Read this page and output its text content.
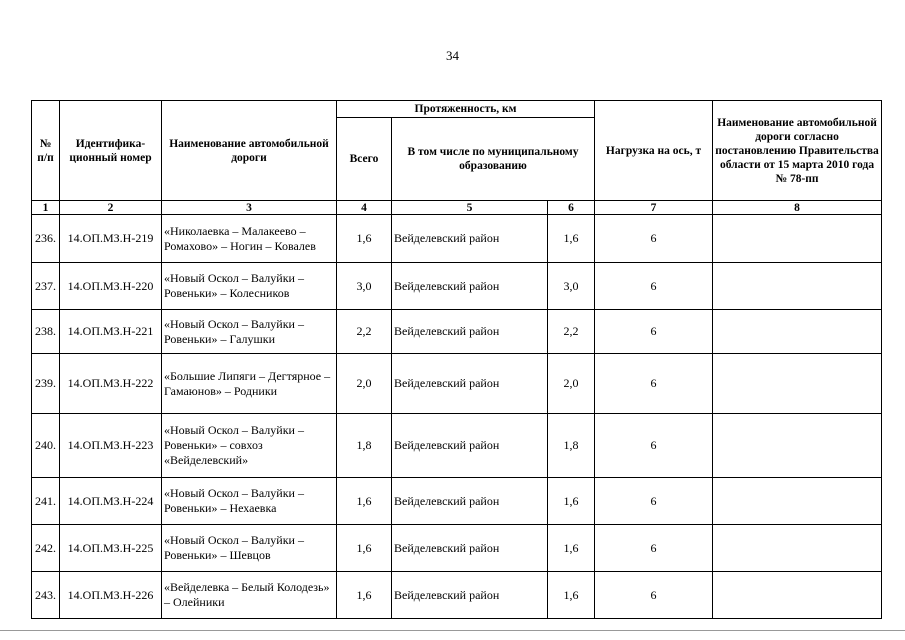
34
№ п/п	Идентифика-ционный номер	Наименование автомобильной дороги	Протяженность, км			Нагрузка на ось, т	Наименование автомобильной дороги согласно постановлению Правительства области от 15 марта 2010 года № 78-пп
			Всего	В том числе по муниципальному образованию			
1	2	3	4	5	6	7	8
236.	14.ОП.МЗ.Н-219	«Николаевка – Малакеево – Ромахово» – Ногин – Ковалев	1,6	Вейделевский район	1,6	6	
237.	14.ОП.МЗ.Н-220	«Новый Оскол – Валуйки – Ровеньки» – Колесников	3,0	Вейделевский район	3,0	6	
238.	14.ОП.МЗ.Н-221	«Новый Оскол – Валуйки – Ровеньки» – Галушки	2,2	Вейделевский район	2,2	6	
239.	14.ОП.МЗ.Н-222	«Большие Липяги – Дегтярное – Гамаюнов» – Родники	2,0	Вейделевский район	2,0	6	
240.	14.ОП.МЗ.Н-223	«Новый Оскол – Валуйки – Ровеньки» – совхоз «Вейделевский»	1,8	Вейделевский район	1,8	6	
241.	14.ОП.МЗ.Н-224	«Новый Оскол – Валуйки – Ровеньки» – Нехаевка	1,6	Вейделевский район	1,6	6	
242.	14.ОП.МЗ.Н-225	«Новый Оскол – Валуйки – Ровеньки» – Шевцов	1,6	Вейделевский район	1,6	6	
243.	14.ОП.МЗ.Н-226	«Вейделевка – Белый Колодезь» – Олейники	1,6	Вейделевский район	1,6	6	
